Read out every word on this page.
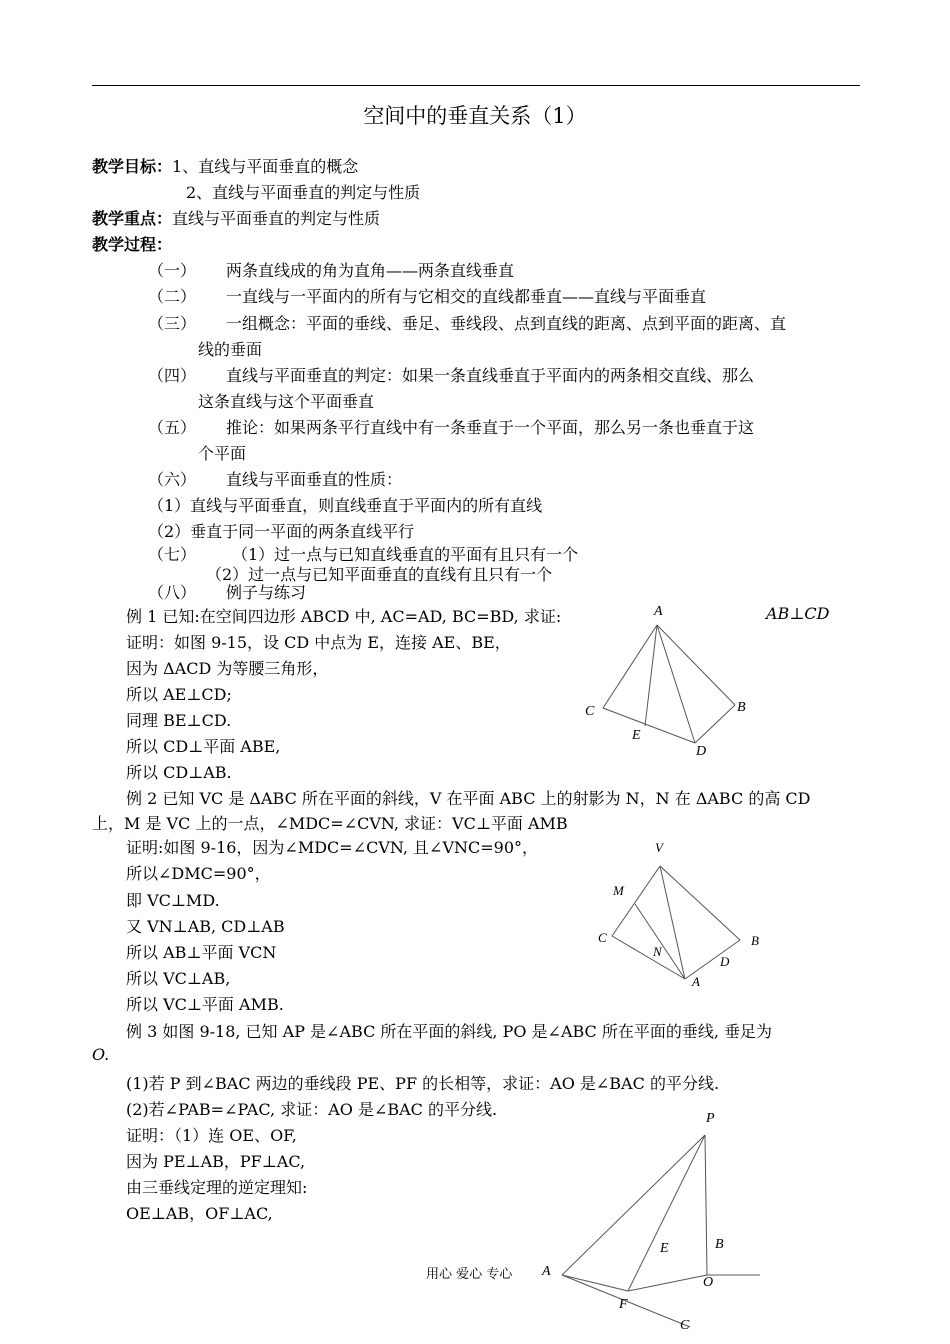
空间中的垂直关系（1）
教学目标：1、直线与平面垂直的概念
2、直线与平面垂直的判定与性质
教学重点：直线与平面垂直的判定与性质
教学过程：
（一） 两条直线成的角为直角——两条直线垂直
（二） 一直线与一平面内的所有与它相交的直线都垂直——直线与平面垂直
（三） 一组概念：平面的垂线、垂足、垂线段、点到直线的距离、点到平面的距离、直
线的垂面
（四） 直线与平面垂直的判定：如果一条直线垂直于平面内的两条相交直线、那么
这条直线与这个平面垂直
（五） 推论：如果两条平行直线中有一条垂直于一个平面，那么另一条也垂直于这
个平面
（六） 直线与平面垂直的性质：
（1）直线与平面垂直，则直线垂直于平面内的所有直线
（2）垂直于同一平面的两条直线平行
（七） （1）过一点与已知直线垂直的平面有且只有一个
（2）过一点与已知平面垂直的直线有且只有一个
（八） 例子与练习
例 1 已知:在空间四边形 ABCD 中, AC=AD, BC=BD, 求证:	AB⊥CD
证明：如图 9-15，设 CD 中点为 E，连接 AE、BE，
因为 ΔACD 为等腰三角形，
所以 AE⊥CD;
同理 BE⊥CD.
所以 CD⊥平面 ABE,
所以 CD⊥AB.
A
C	B
E
D
例 2 已知 VC 是 ΔABC 所在平面的斜线，V 在平面 ABC 上的射影为 N，N 在 ΔABC 的高 CD
上，M 是 VC 上的一点，∠MDC=∠CVN, 求证：VC⊥平面 AMB
证明:如图 9-16，因为∠MDC=∠CVN, 且∠VNC=90°，
所以∠DMC=90°，
即 VC⊥MD.
又 VN⊥AB, CD⊥AB
所以 AB⊥平面 VCN
所以 VC⊥AB,
所以 VC⊥平面 AMB.
V
M
C
N
B
D
A
例 3 如图 9-18, 已知 AP 是∠ABC 所在平面的斜线, PO 是∠ABC 所在平面的垂线, 垂足为
O.
(1)若 P 到∠BAC 两边的垂线段 PE、PF 的长相等，求证：AO 是∠BAC 的平分线.
(2)若∠PAB=∠PAC, 求证：AO 是∠BAC 的平分线.
证明：（1）连 OE、OF,
因为 PE⊥AB，PF⊥AC,
由三垂线定理的逆定理知:
OE⊥AB，OF⊥AC,
P
E	B
A
O
F
C
用心 爱心 专心
